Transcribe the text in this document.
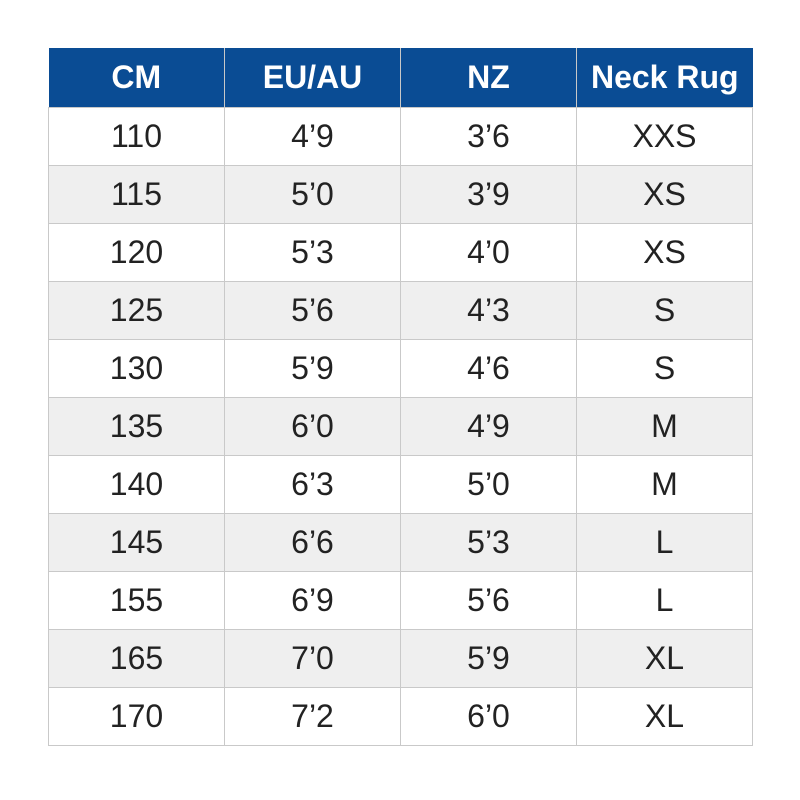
CM	EU/AU	NZ	Neck Rug
110	4’9	3’6	XXS
115	5’0	3’9	XS
120	5’3	4’0	XS
125	5’6	4’3	S
130	5’9	4’6	S
135	6’0	4’9	M
140	6’3	5’0	M
145	6’6	5’3	L
155	6’9	5’6	L
165	7’0	5’9	XL
170	7’2	6’0	XL
